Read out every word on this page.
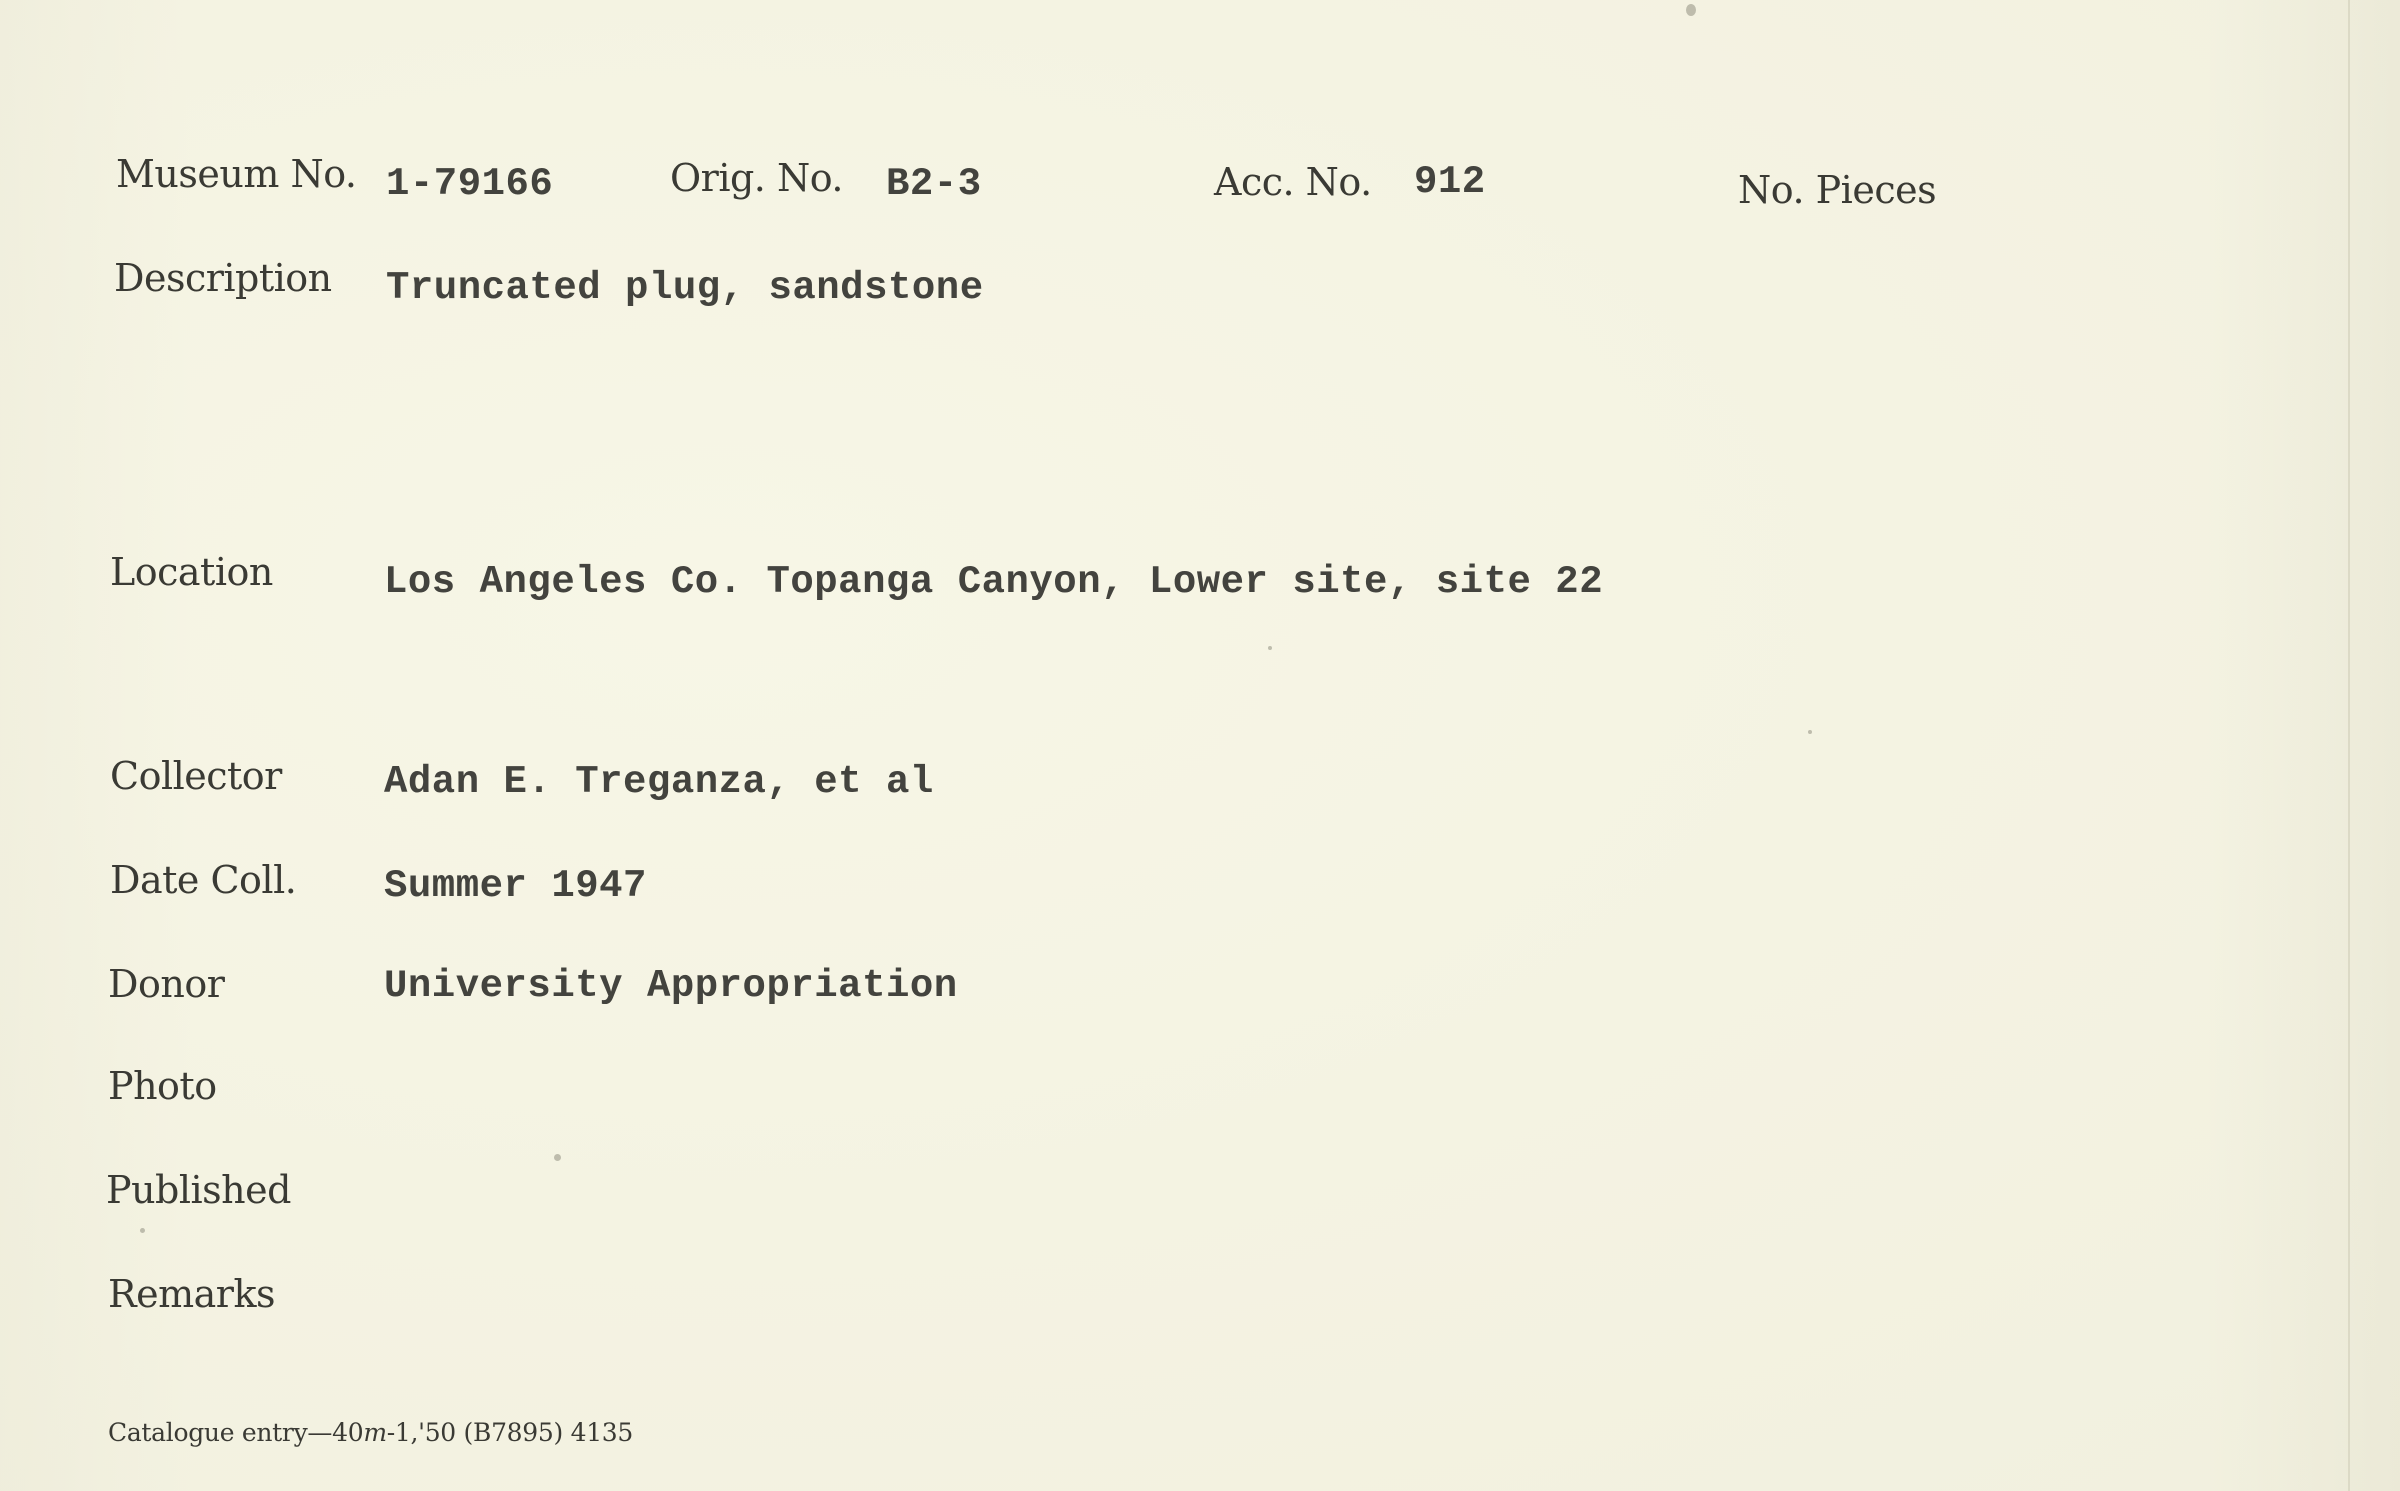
Museum No. 1-79166	Orig. No. B2-3	Acc. No. 912	No. Pieces
Description Truncated plug, sandstone
Location	Los Angeles Co. Topanga Canyon, Lower site, site 22
Collector	Adan E. Treganza, et al
Date Coll. Summer 1947
Donor	University Appropriation
Photo
Published
Remarks
Catalogue entry—40m-1,'50 (B7895) 4135
